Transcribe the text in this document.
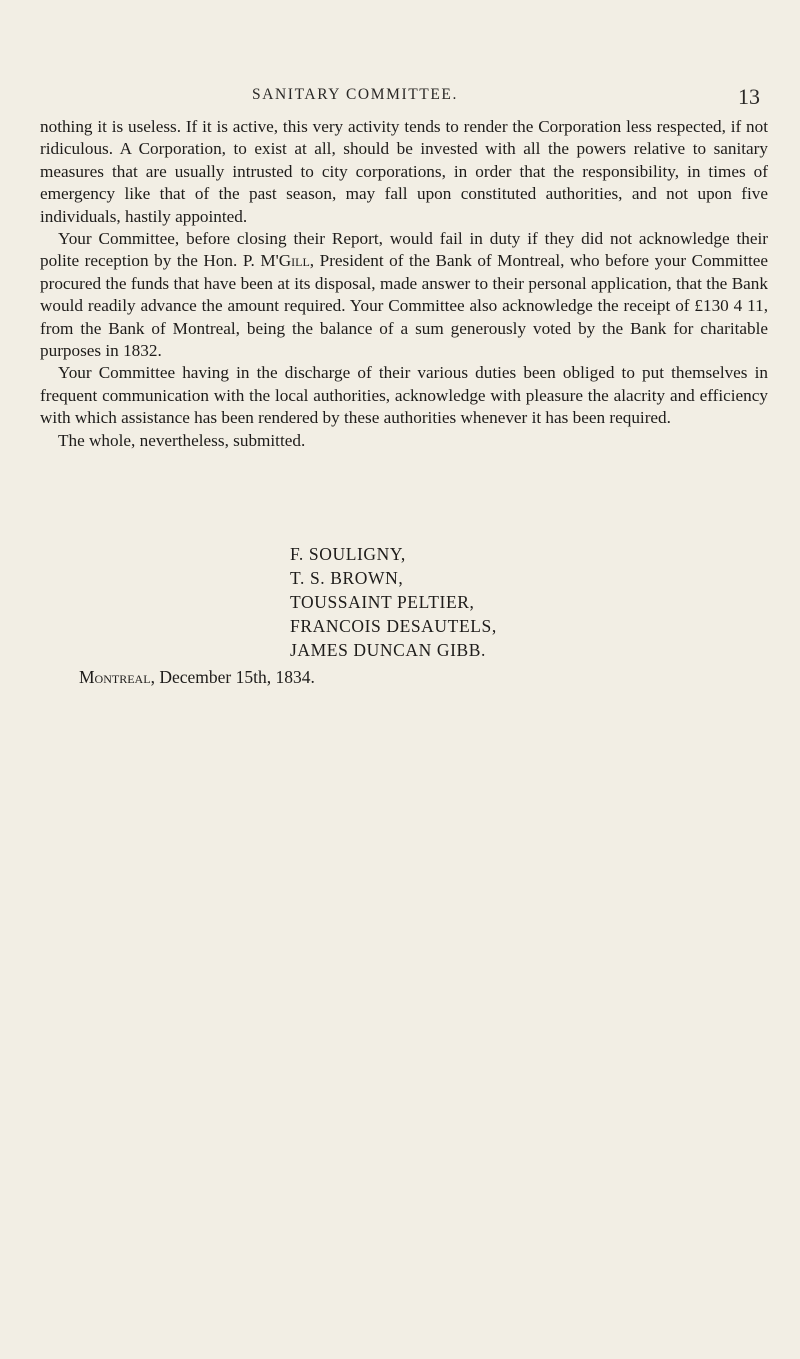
SANITARY COMMITTEE.	13

nothing it is useless. If it is active, this very activity tends to render the Corporation less respected, if not ridiculous. A Corporation, to exist at all, should be invested with all the powers relative to sanitary measures that are usually intrusted to city corporations, in order that the responsibility, in times of emergency like that of the past season, may fall upon constituted authorities, and not upon five individuals, hastily appointed.

Your Committee, before closing their Report, would fail in duty if they did not acknowledge their polite reception by the Hon. P. M'Gill, President of the Bank of Montreal, who before your Committee procured the funds that have been at its disposal, made answer to their personal application, that the Bank would readily advance the amount required. Your Committee also acknowledge the receipt of £130 4 11, from the Bank of Montreal, being the balance of a sum generously voted by the Bank for charitable purposes in 1832.

Your Committee having in the discharge of their various duties been obliged to put themselves in frequent communication with the local authorities, acknowledge with pleasure the alacrity and efficiency with which assistance has been rendered by these authorities whenever it has been required.

The whole, nevertheless, submitted.

F. SOULIGNY,
T. S. BROWN,
TOUSSAINT PELTIER,
FRANCOIS DESAUTELS,
JAMES DUNCAN GIBB.
Montreal, December 15th, 1834.
